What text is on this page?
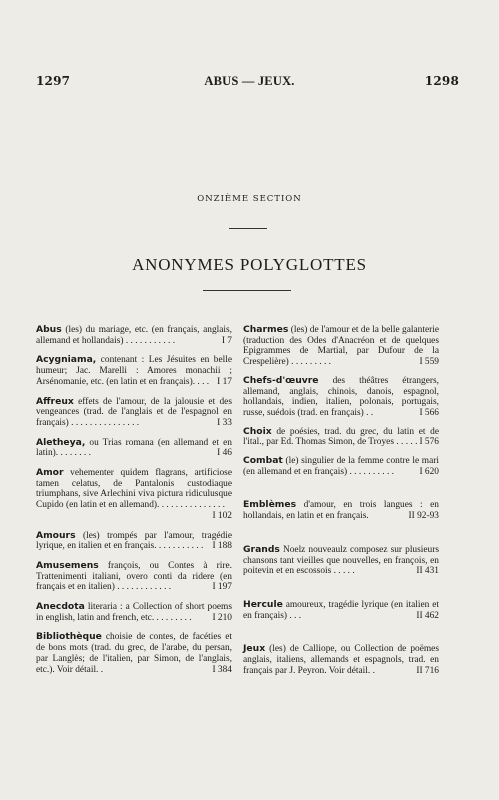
1297	ABUS — JEUX.	1298
ONZIÈME SECTION
ANONYMES POLYGLOTTES
Abus (les) du mariage, etc. (en français, anglais, allemand et hollandais) . . . . . . . . . . .	I 7
Acygniama, contenant : Les Jésuites en belle humeur; Jac. Marelli : Amores monachii ; Arsénomanie, etc. (en latin et en français). . . . I 17
Affreux effets de l'amour, de la jalousie et des vengeances (trad. de l'anglais et de l'espagnol en français) . . . . . . . . . . . . . . .	I 33
Aletheya, ou Trias romana (en allemand et en latin). . . . . . . .	I 46
Amor vehementer quidem flagrans, artificiose tamen celatus, de Pantalonis custodiaque triumphans, sive Arlechini viva pictura ridiculusque Cupido (en latin et en allemand). . . . . . . . . . . . . . .
I 102
Amours (les) trompés par l'amour, tragédie lyrique, en italien et en français. . . . . . . . . . . I 188
Amusemens françois, ou Contes à rire. Trattenimenti italiani, overo conti da ridere (en français et en italien) . . . . . . . . . . . .	I 197
Anecdota literaria : a Collection of short poems in english, latin and french, etc. . . . . . . . . I 210
Bibliothèque choisie de contes, de facéties et de bons mots (trad. du grec, de l'arabe, du persan, par Langlès; de l'italien, par Simon, de l'anglais, etc.). Voir détail. .	I 384
Charmes (les) de l'amour et de la belle galanterie (traduction des Odes d'Anacréon et de quelques Epigrammes de Martial, par Dufour de la Crespelière) . . . . . . . . .	I 559
Chefs-d'œuvre des théâtres étrangers, allemand, anglais, chinois, danois, espagnol, hollandais, indien, italien, polonais, portugais, russe, suédois (trad. en français) . .	I 566
Choix de poésies, trad. du grec, du latin et de l'ital., par Ed. Thomas Simon, de Troyes . . . . . I 576
Combat (le) singulier de la femme contre le mari (en allemand et en français) . . . . . . . . . .	I 620
Emblèmes d'amour, en trois langues : en hollandais, en latin et en français.	II 92-93
Grands Noelz nouveaulz composez sur plusieurs chansons tant vieilles que nouvelles, en françois, en poitevin et en escossois . . . . .	II 431
Hercule amoureux, tragédie lyrique (en italien et en français) . . .	II 462
Jeux (les) de Calliope, ou Collection de poëmes anglais, italiens, allemands et espagnols, trad. en français par J. Peyron. Voir détail. .	II 716
